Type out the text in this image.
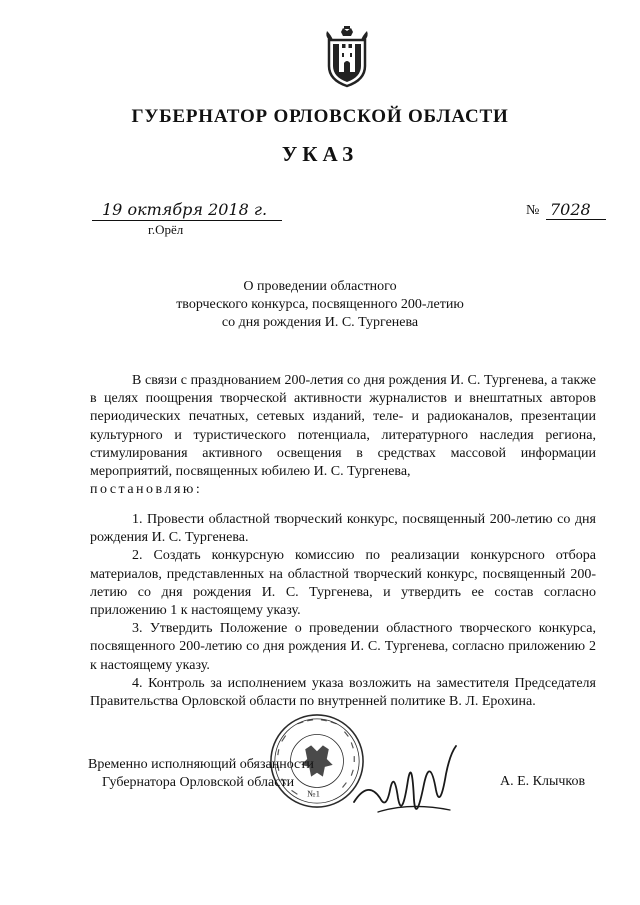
ГУБЕРНАТОР ОРЛОВСКОЙ ОБЛАСТИ
УКАЗ
19 октября 2018 г.
г.Орёл
№ 7028
О проведении областного
творческого конкурса, посвященного 200-летию
со дня рождения И. С. Тургенева
В связи с празднованием 200-летия со дня рождения И. С. Тургенева, а также в целях поощрения творческой активности журналистов и внештатных авторов периодических печатных, сетевых изданий, теле- и радиоканалов, презентации культурного и туристического потенциала, литературного наследия региона, стимулирования активного освещения в средствах массовой информации мероприятий, посвященных юбилею И. С. Тургенева,
постановляю:

1. Провести областной творческий конкурс, посвященный 200-летию со дня рождения И. С. Тургенева.

2. Создать конкурсную комиссию по реализации конкурсного отбора материалов, представленных на областной творческий конкурс, посвященный 200-летию со дня рождения И. С. Тургенева, и утвердить ее состав согласно приложению 1 к настоящему указу.

3. Утвердить Положение о проведении областного творческого конкурса, посвященного 200-летию со дня рождения И. С. Тургенева, согласно приложению 2 к настоящему указу.

4. Контроль за исполнением указа возложить на заместителя Председателя Правительства Орловской области по внутренней политике В. Л. Ерохина.

№1
Временно исполняющий обязанности
Губернатора Орловской области	А. Е. Клычков
